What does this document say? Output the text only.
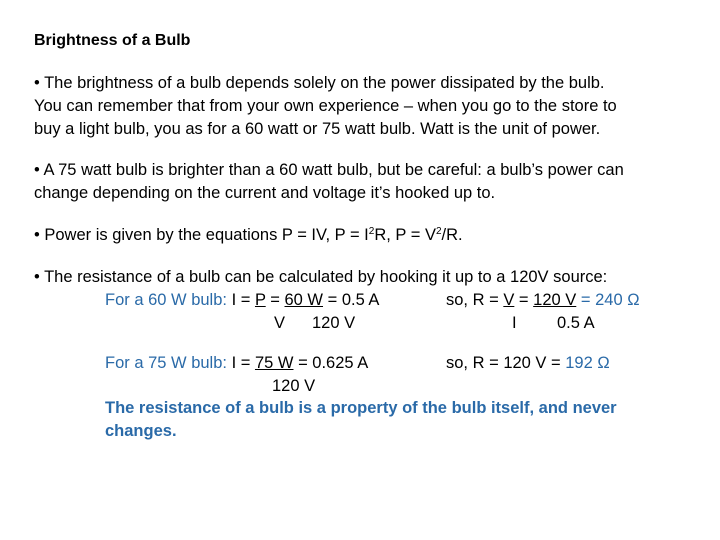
Brightness of a Bulb
• The brightness of a bulb depends solely on the power dissipated by the bulb.
You can remember that from your own experience – when you go to the store to
buy a light bulb, you as for a 60 watt or 75 watt bulb. Watt is the unit of power.
• A 75 watt bulb is brighter than a 60 watt bulb, but be careful: a bulb’s power can
change depending on the current and voltage it’s hooked up to.
• Power is given by the equations P = IV, $P = I^2R$, $P = V^2/R$.
• The resistance of a bulb can be calculated by hooking it up to a 120V source:
For a 60 W bulb: I = P = 60 W = 0.5 A	so, R = V = 120 V = 240 Ω
V 120 V	I 0.5 A
For a 75 W bulb: I = 75 W = 0.625 A	so, R = 120 V = 192 Ω
120 V
The resistance of a bulb is a property of the bulb itself, and never
changes.
